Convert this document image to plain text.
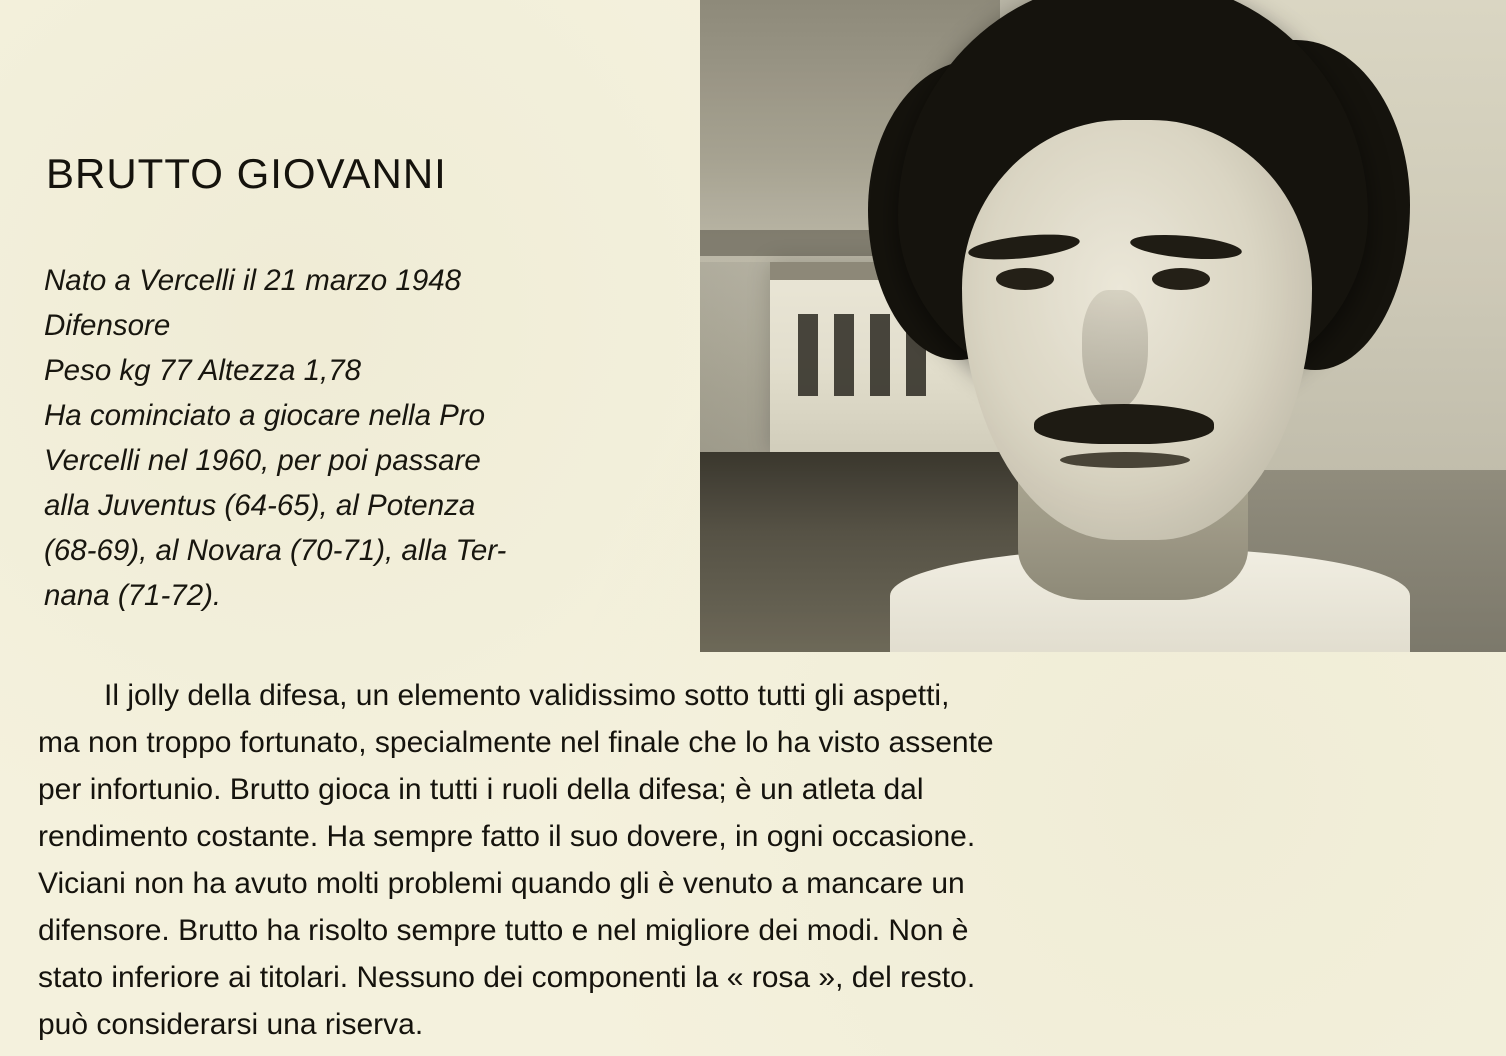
BRUTTO GIOVANNI
Nato a Vercelli il 21 marzo 1948
Difensore
Peso kg 77 Altezza 1,78
Ha cominciato a giocare nella Pro
Vercelli nel 1960, per poi passare
alla Juventus (64-65), al Potenza
(68-69), al Novara (70-71), alla Ter-
nana (71-72).
Il jolly della difesa, un elemento validissimo sotto tutti gli aspetti,
ma non troppo fortunato, specialmente nel finale che lo ha visto assente
per infortunio. Brutto gioca in tutti i ruoli della difesa; è un atleta dal
rendimento costante. Ha sempre fatto il suo dovere, in ogni occasione.
Viciani non ha avuto molti problemi quando gli è venuto a mancare un
difensore. Brutto ha risolto sempre tutto e nel migliore dei modi. Non è
stato inferiore ai titolari. Nessuno dei componenti la « rosa », del resto.
può considerarsi una riserva.
